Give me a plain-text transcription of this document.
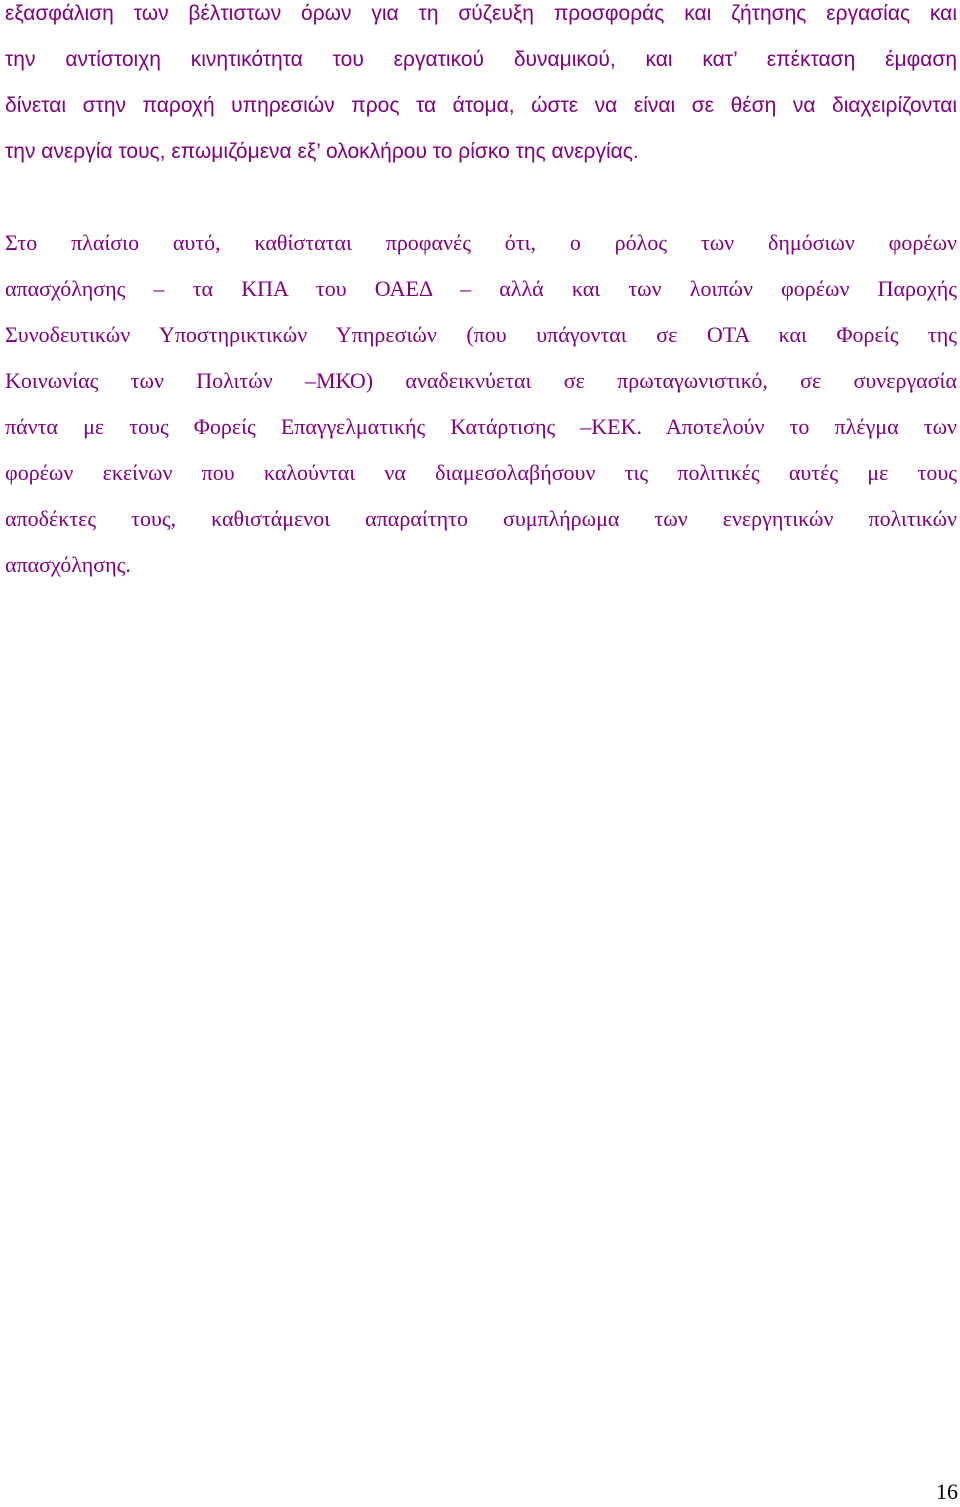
εξασφάλιση των βέλτιστων όρων για τη σύζευξη προσφοράς και ζήτησης εργασίας και
την αντίστοιχη κινητικότητα του εργατικού δυναμικού, και κατ’ επέκταση έμφαση
δίνεται στην παροχή υπηρεσιών προς τα άτομα, ώστε να είναι σε θέση να διαχειρίζονται
την ανεργία τους, επωμιζόμενα εξ’ ολοκλήρου το ρίσκο της ανεργίας.
Στο πλαίσιο αυτό, καθίσταται προφανές ότι, ο ρόλος των δημόσιων φορέων
απασχόλησης – τα ΚΠΑ του ΟΑΕΔ – αλλά και των λοιπών φορέων Παροχής
Συνοδευτικών Υποστηρικτικών Υπηρεσιών (που υπάγονται σε ΟΤΑ και Φορείς της
Κοινωνίας των Πολιτών –ΜΚΟ) αναδεικνύεται σε πρωταγωνιστικό, σε συνεργασία
πάντα με τους Φορείς Επαγγελματικής Κατάρτισης –ΚΕΚ. Αποτελούν το πλέγμα των
φορέων εκείνων που καλούνται να διαμεσολαβήσουν τις πολιτικές αυτές με τους
αποδέκτες τους, καθιστάμενοι απαραίτητο συμπλήρωμα των ενεργητικών πολιτικών
απασχόλησης.
16
